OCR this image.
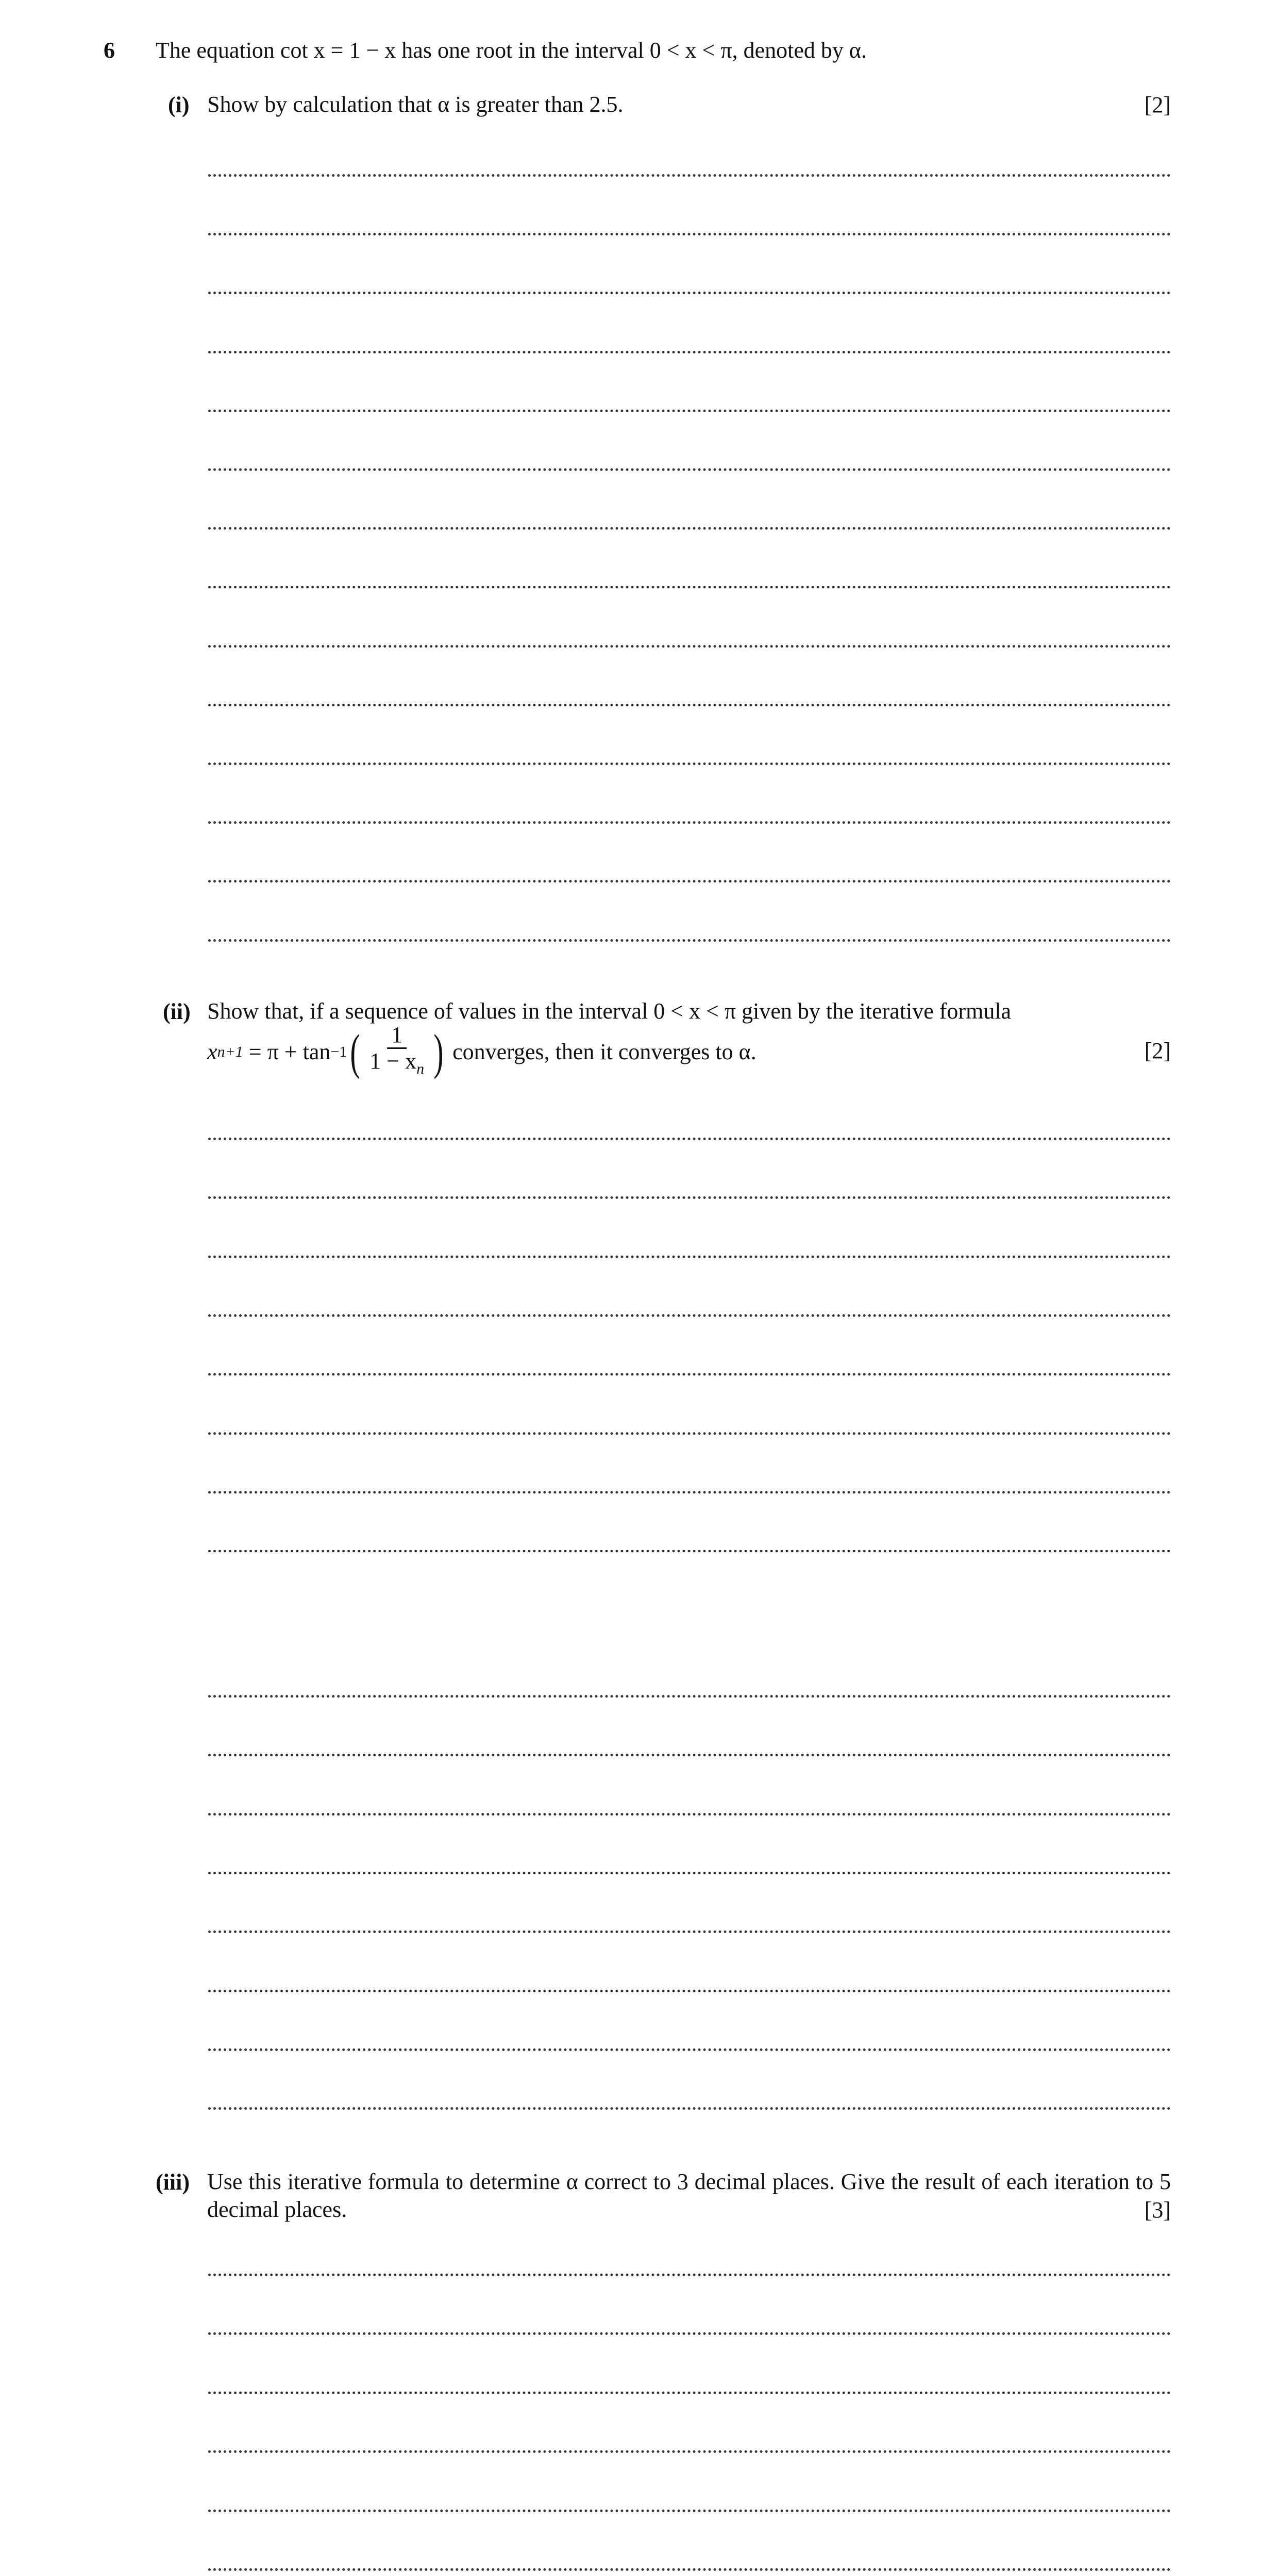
6 The equation cot x = 1 − x has one root in the interval 0 < x < π, denoted by α.
(i) Show by calculation that α is greater than 2.5.	[2]
(ii) Show that, if a sequence of values in the interval 0 < x < π given by the iterative formula
x n+1 = π + tan −1 ( $\frac{1}{1 - x_n}$ ) converges, then it converges to α.	[2]
(iii) Use this iterative formula to determine α correct to 3 decimal places. Give the result of each iteration to 5 decimal places.	[3]
